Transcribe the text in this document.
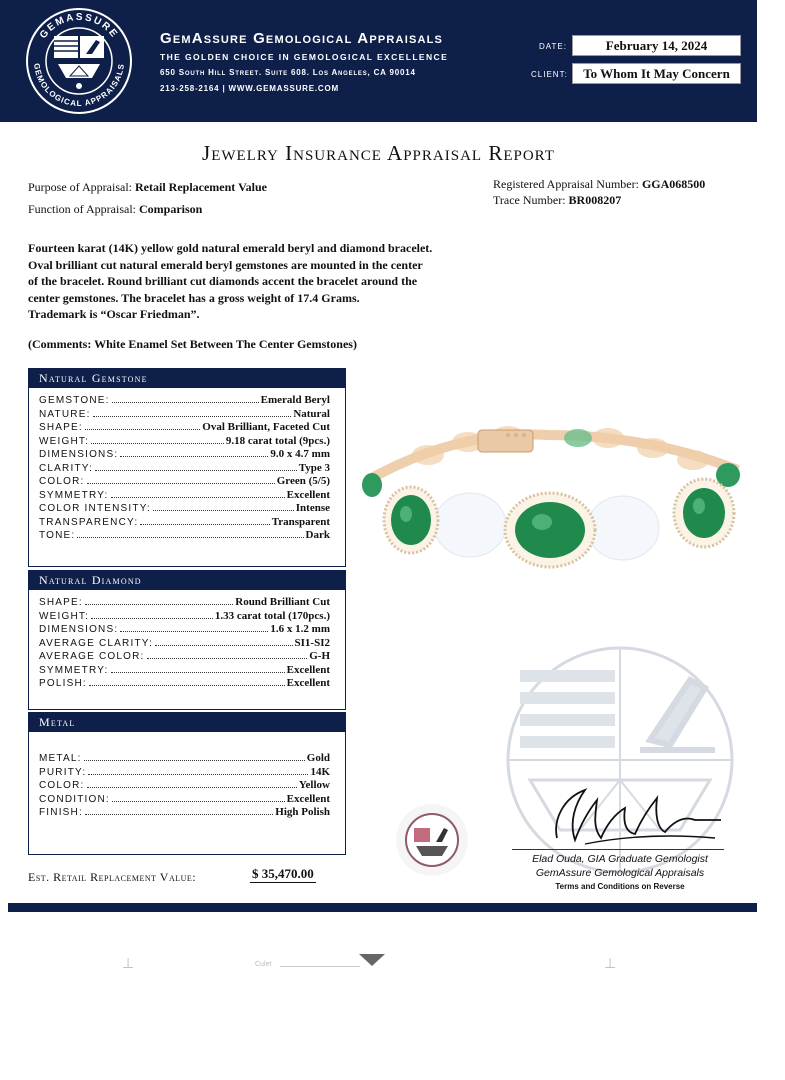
GEMASSURE
GEMOLOGICAL APPRAISALS
GemAssure Gemological Appraisals
THE GOLDEN CHOICE IN GEMOLOGICAL EXCELLENCE
650 South Hill Street. Suite 608. Los Angeles, CA 90014
213-258-2164 | WWW.GEMASSURE.COM
DATE:	February 14, 2024
CLIENT:	To Whom It May Concern
Jewelry Insurance Appraisal Report
Purpose of Appraisal: Retail Replacement Value
Function of Appraisal: Comparison
Registered Appraisal Number: GGA068500
Trace Number: BR008207
Fourteen karat (14K) yellow gold natural emerald beryl and diamond bracelet.
Oval brilliant cut natural emerald beryl gemstones are mounted in the center
of the bracelet. Round brilliant cut diamonds accent the bracelet around the
center gemstones. The bracelet has a gross weight of 17.4 Grams.
Trademark is “Oscar Friedman”.
(Comments: White Enamel Set Between The Center Gemstones)
Natural Gemstone
GEMSTONE:	Emerald Beryl
NATURE:	Natural
SHAPE:	Oval Brilliant, Faceted Cut
WEIGHT:	9.18 carat total (9pcs.)
DIMENSIONS:	9.0 x 4.7 mm
CLARITY:	Type 3
COLOR:	Green (5/5)
SYMMETRY:	Excellent
COLOR INTENSITY:	Intense
TRANSPARENCY:	Transparent
TONE:	Dark
Natural Diamond
SHAPE:	Round Brilliant Cut
WEIGHT:	1.33 carat total (170pcs.)
DIMENSIONS:	1.6 x 1.2 mm
AVERAGE CLARITY:	SI1-SI2
AVERAGE COLOR:	G-H
SYMMETRY:	Excellent
POLISH:	Excellent
Metal
METAL:	Gold
PURITY:	14K
COLOR:	Yellow
CONDITION:	Excellent
FINISH:	High Polish
Est. Retail Replacement Value:	$ 35,470.00
Elad Ouda, GIA Graduate Gemologist
GemAssure Gemological Appraisals
Terms and Conditions on Reverse
⊥	Culet	⊥
